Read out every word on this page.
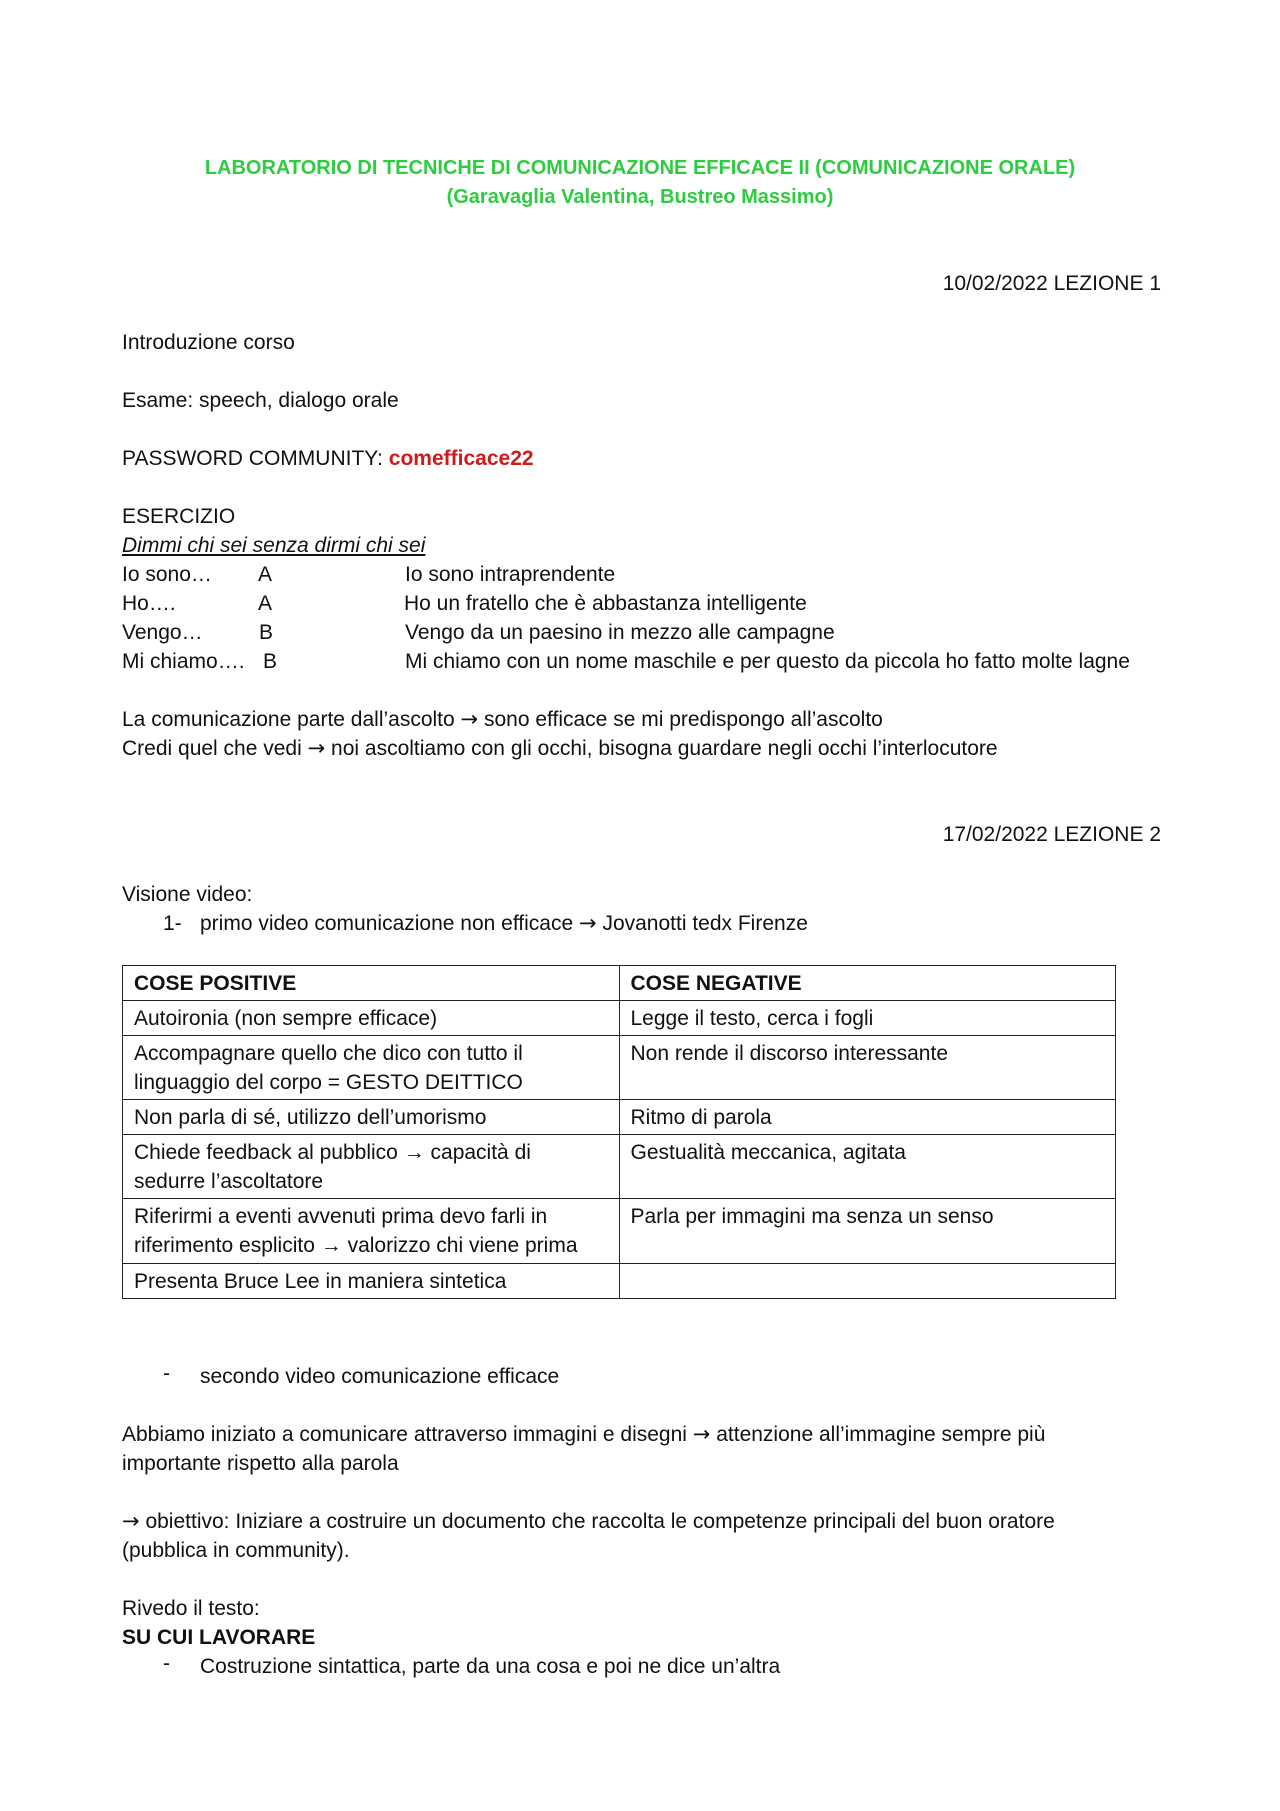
LABORATORIO DI TECNICHE DI COMUNICAZIONE EFFICACE II (COMUNICAZIONE ORALE)
(Garavaglia Valentina, Bustreo Massimo)
10/02/2022 LEZIONE 1
Introduzione corso
Esame: speech, dialogo orale
PASSWORD COMMUNITY: comefficace22
ESERCIZIO
Dimmi chi sei senza dirmi chi sei
Io sono… A	Io sono intraprendente
Ho….	A	Ho un fratello che è abbastanza intelligente
Vengo…	B	Vengo da un paesino in mezzo alle campagne
Mi chiamo…. B	Mi chiamo con un nome maschile e per questo da piccola ho fatto molte lagne
La comunicazione parte dall’ascolto → sono efficace se mi predispongo all’ascolto
Credi quel che vedi → noi ascoltiamo con gli occhi, bisogna guardare negli occhi l’interlocutore
17/02/2022 LEZIONE 2
Visione video:
1- primo video comunicazione non efficace → Jovanotti tedx Firenze
COSE POSITIVE	COSE NEGATIVE
Autoironia (non sempre efficace)	Legge il testo, cerca i fogli
Accompagnare quello che dico con tutto il linguaggio del corpo = GESTO DEITTICO	Non rende il discorso interessante
Non parla di sé, utilizzo dell’umorismo	Ritmo di parola
Chiede feedback al pubblico → capacità di sedurre l’ascoltatore	Gestualità meccanica, agitata
Riferirmi a eventi avvenuti prima devo farli in riferimento esplicito → valorizzo chi viene prima	Parla per immagini ma senza un senso
Presenta Bruce Lee in maniera sintetica	
- secondo video comunicazione efficace
Abbiamo iniziato a comunicare attraverso immagini e disegni → attenzione all’immagine sempre più
importante rispetto alla parola
→ obiettivo: Iniziare a costruire un documento che raccolta le competenze principali del buon oratore
(pubblica in community).
Rivedo il testo:
SU CUI LAVORARE
- Costruzione sintattica, parte da una cosa e poi ne dice un’altra
